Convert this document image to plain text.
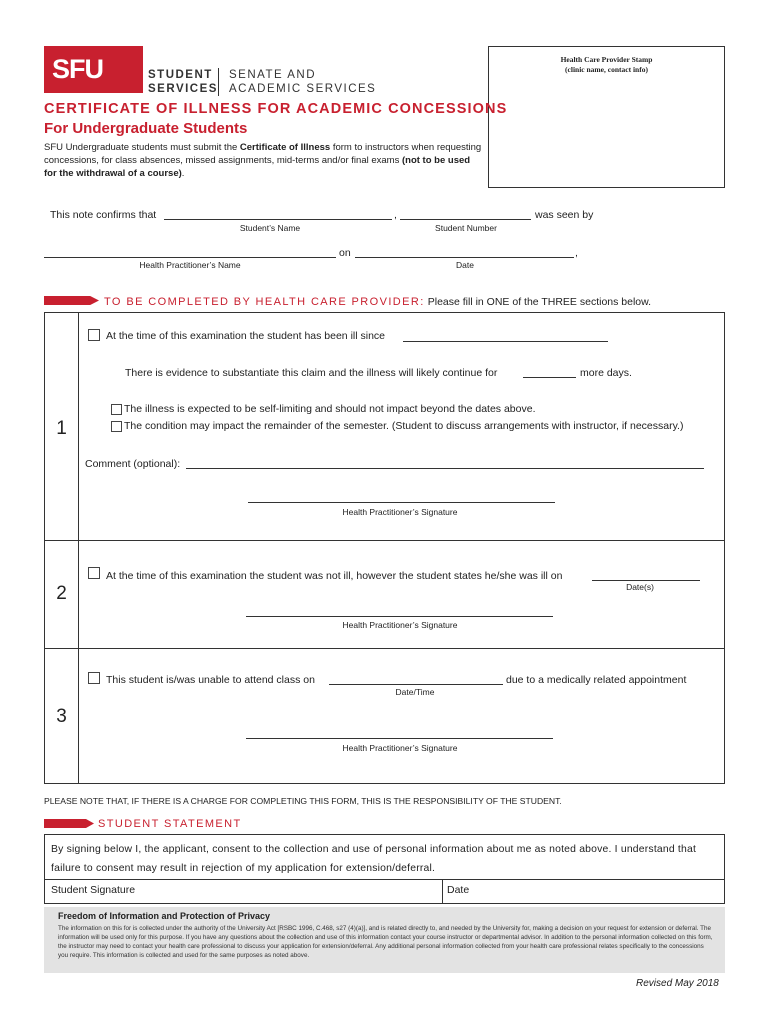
SFU	STUDENT
SERVICES
SENATE AND
ACADEMIC SERVICES
Health Care Provider Stamp
(clinic name, contact info)
CERTIFICATE OF ILLNESS FOR ACADEMIC CONCESSIONS
For Undergraduate Students
SFU Undergraduate students must submit the Certificate of Illness form to instructors when requesting concessions, for class absences, missed assignments, mid-terms and/or final exams (not to be used for the withdrawal of a course).
This note confirms that	,	was seen by
Student’s Name	Student Number
on	,
Health Practitioner’s Name	Date
TO BE COMPLETED BY HEALTH CARE PROVIDER: Please fill in ONE of the THREE sections below.
1
At the time of this examination the student has been ill since
There is evidence to substantiate this claim and the illness will likely continue for	more days.
The illness is expected to be self-limiting and should not impact beyond the dates above.
The condition may impact the remainder of the semester. (Student to discuss arrangements with instructor, if necessary.)
Comment (optional):
Health Practitioner’s Signature
2
At the time of this examination the student was not ill, however the student states he/she was ill on
Date(s)
Health Practitioner’s Signature
3
This student is/was unable to attend class on	due to a medically related appointment
Date/Time
Health Practitioner’s Signature
PLEASE NOTE THAT, IF THERE IS A CHARGE FOR COMPLETING THIS FORM, THIS IS THE RESPONSIBILITY OF THE STUDENT.
STUDENT STATEMENT
By signing below I, the applicant, consent to the collection and use of personal information about me as noted above. I understand that failure to consent may result in rejection of my application for extension/deferral.
Student Signature	Date
Freedom of Information and Protection of Privacy
The information on this for is collected under the authority of the University Act [RSBC 1996, C.468, s27 (4)(a)], and is related directly to, and needed by the University for, making a decision on your request for extension or deferral. The information will be used only for this purpose. If you have any questions about the collection and use of this information contact your course instructor or departmental advisor. In addition to the personal information collected on this form, the instructor may need to contact your health care professional to discuss your application for extension/deferral. Any additional personal information collected from your health care professional relates specifically to the concessions you require. This information is collected and used for the same purposes as noted above.
Revised May 2018
